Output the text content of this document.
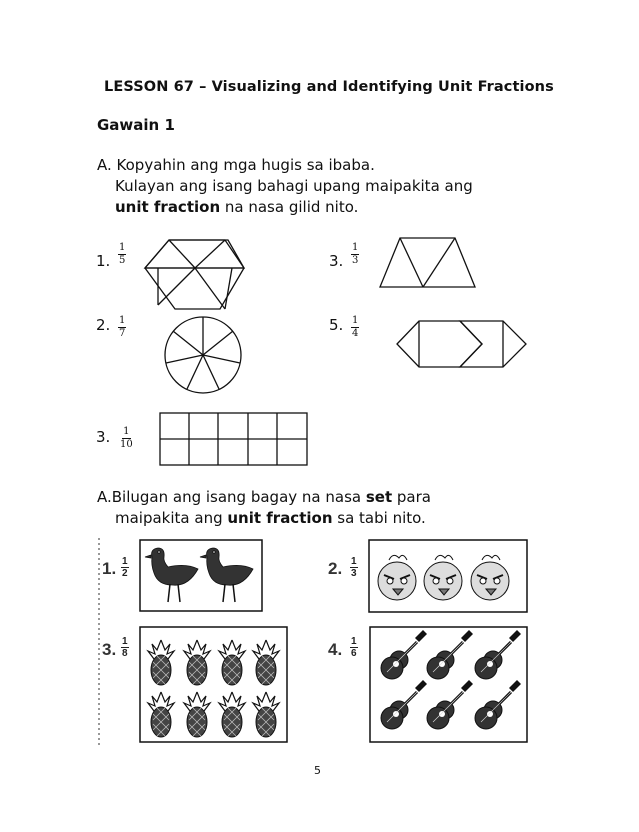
LESSON 67 – Visualizing and Identifying Unit Fractions
Gawain 1
A. Kopyahin ang mga hugis sa ibaba.
Kulayan ang isang bahagi upang maipakita ang
unit fraction na nasa gilid nito.
1. $\frac{1}{5}$	3. $\frac{1}{3}$
2. $\frac{1}{7}$	5. $\frac{1}{4}$
3. $\frac{1}{10}$
A.Bilugan ang isang bagay na nasa set para
maipakita ang unit fraction sa tabi nito.
1. $\frac{1}{2}$	2. $\frac{1}{3}$
3. $\frac{1}{8}$	4. $\frac{1}{6}$
5
